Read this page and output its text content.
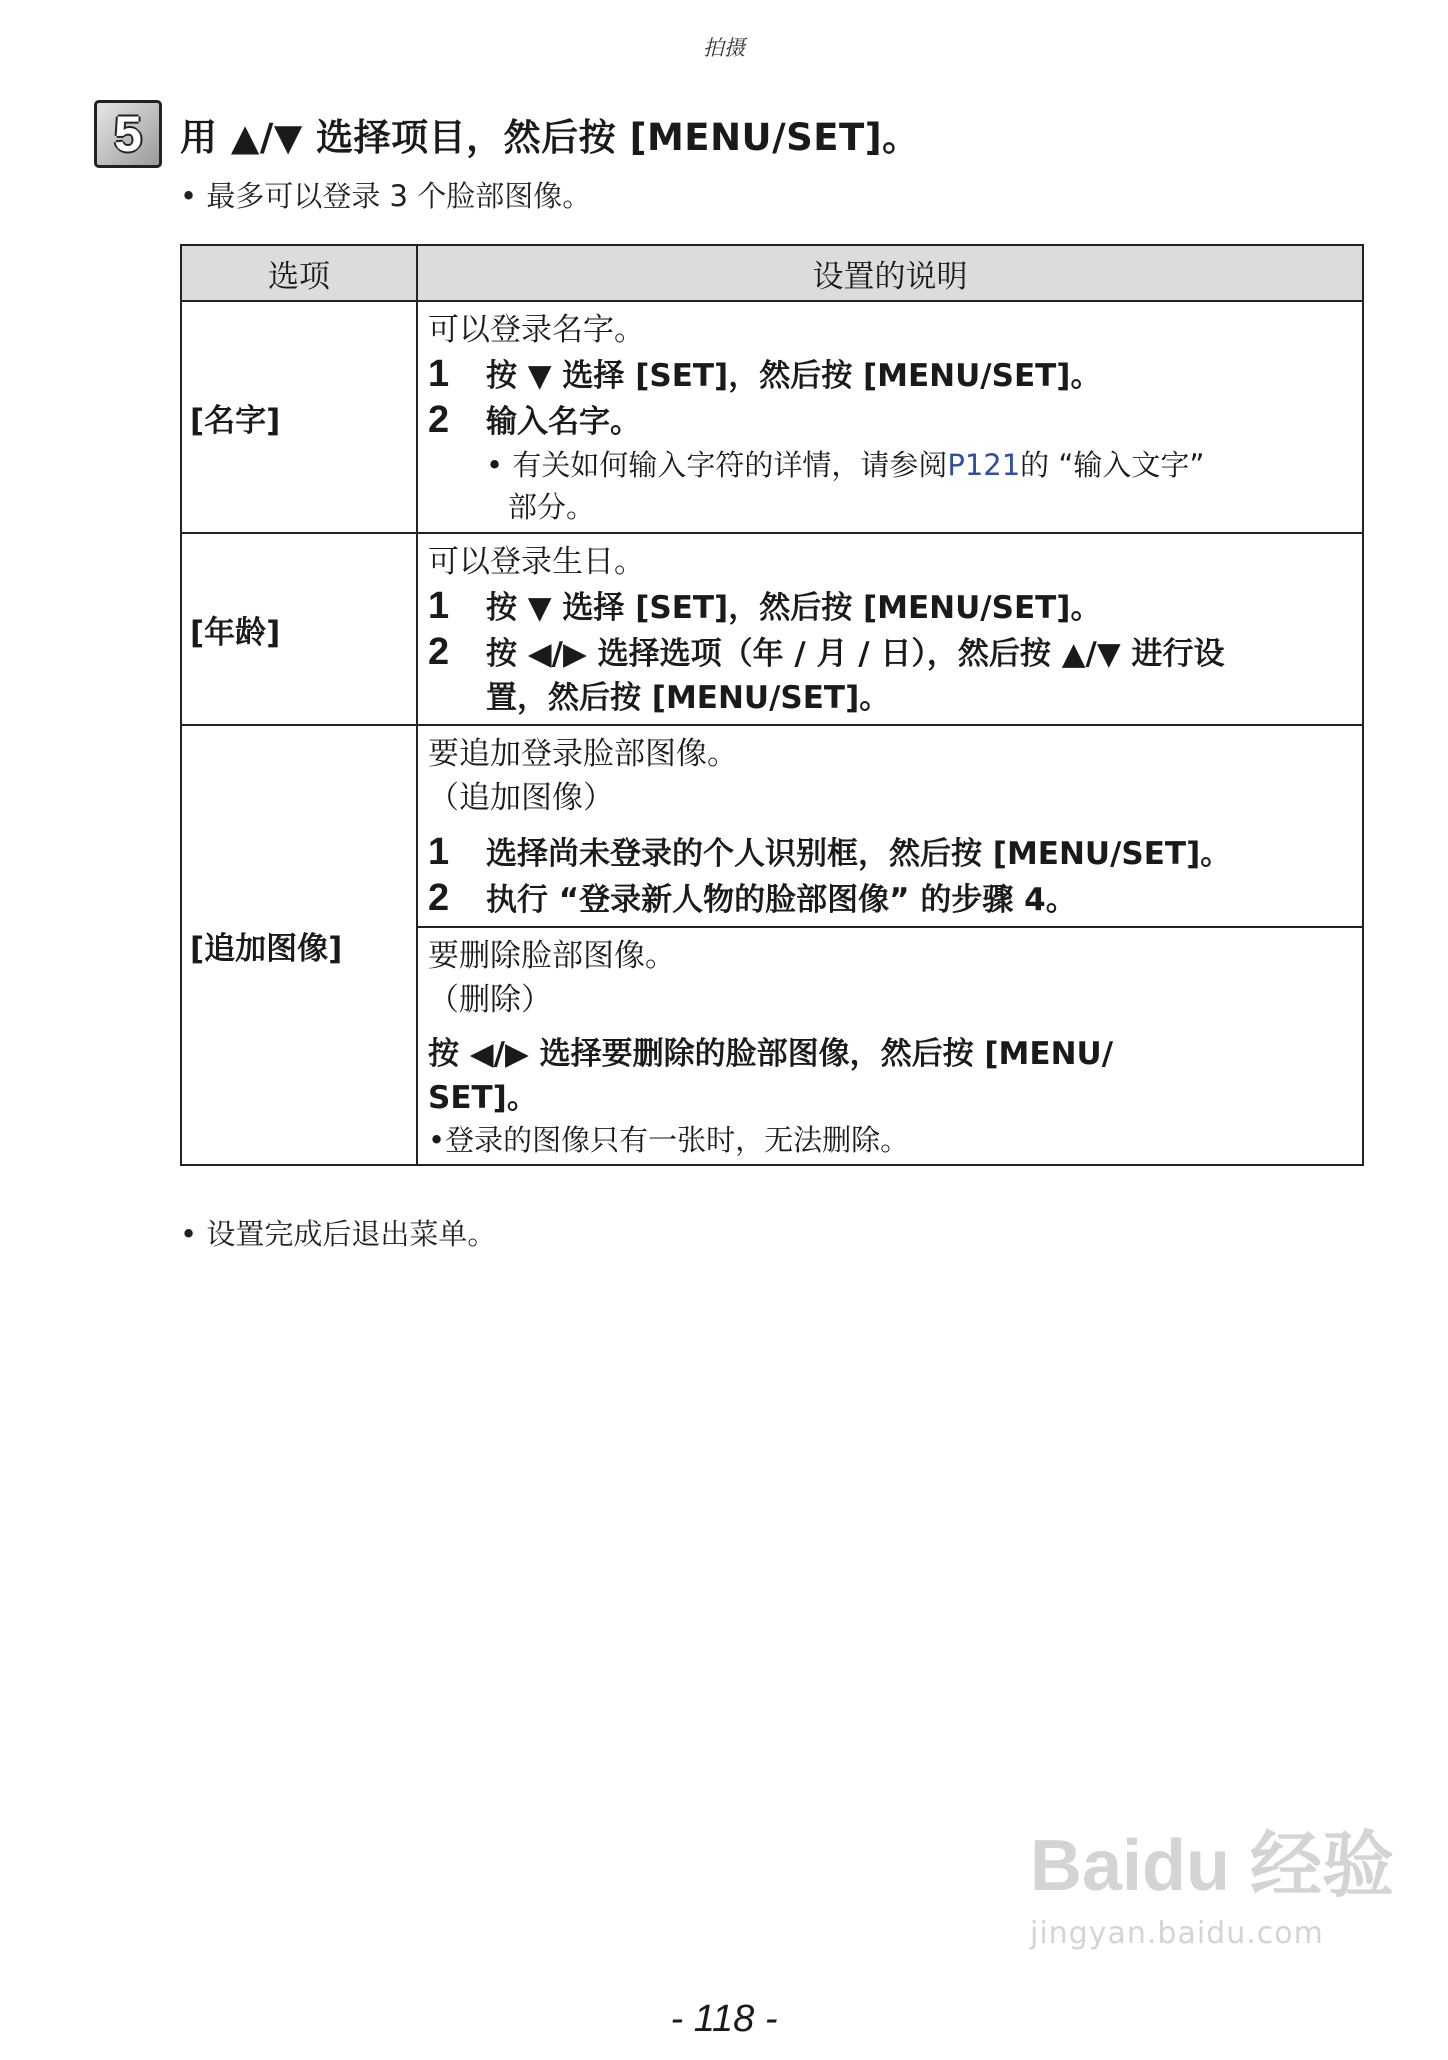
拍摄
5	用 ▲/▼ 选择项目，然后按 [MENU/SET]。
• 最多可以登录 3 个脸部图像。
选项	设置的说明
[名字]	可以登录名字。
1 按 ▼ 选择 [SET]，然后按 [MENU/SET]。
2 输入名字。
• 有关如何输入字符的详情，请参阅P121的 “输入文字”
部分。

[年龄]	可以登录生日。
1 按 ▼ 选择 [SET]，然后按 [MENU/SET]。
2 按 ◀/▶ 选择选项（年 / 月 / 日），然后按 ▲/▼ 进行设
置，然后按 [MENU/SET]。

[追加图像]	要追加登录脸部图像。
（追加图像）
1 选择尚未登录的个人识别框，然后按 [MENU/SET]。
2 执行 “登录新人物的脸部图像” 的步骤 4。

	要删除脸部图像。
（删除）
按 ◀/▶ 选择要删除的脸部图像，然后按 [MENU/
SET]。
•登录的图像只有一张时，无法删除。
• 设置完成后退出菜单。
Baidu 经验
jingyan.baidu.com
- 118 -
